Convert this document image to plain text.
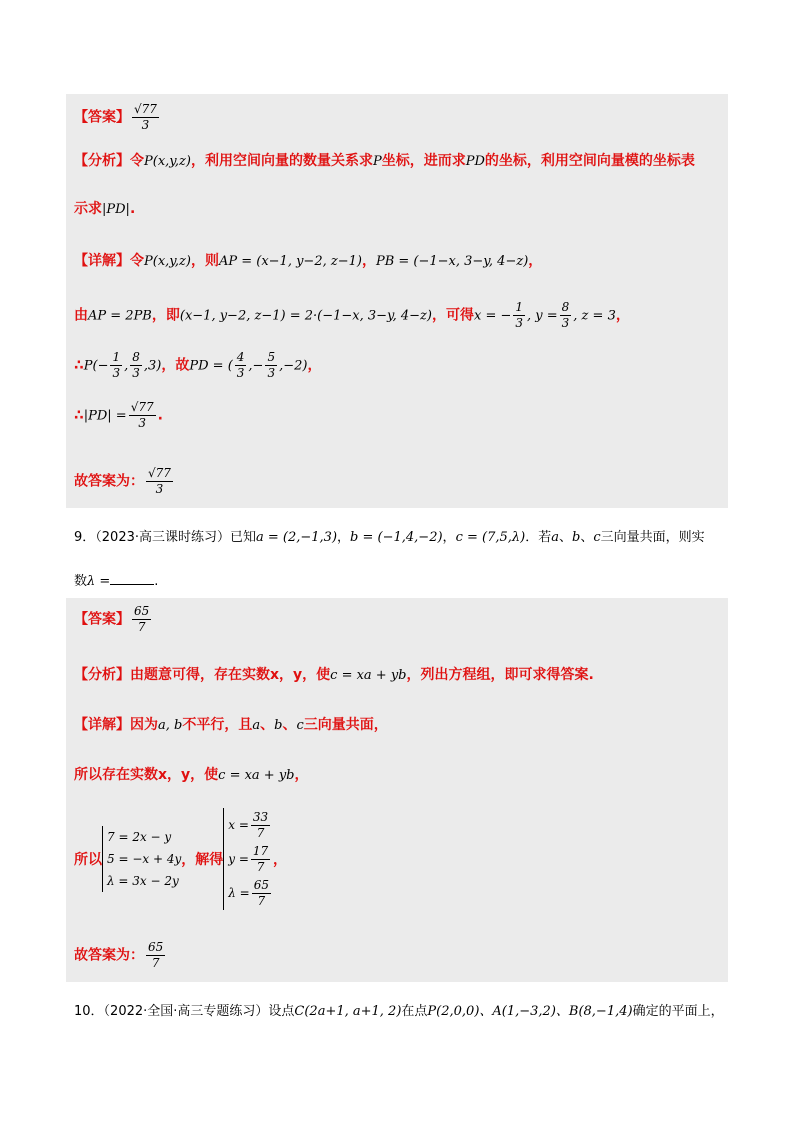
【答案】 $\frac{√77}{3}$
【分析】令P(x,y,z)，利用空间向量的数量关系求P坐标，进而求PD的坐标，利用空间向量模的坐标表
示求|PD|.
【详解】令P(x,y,z)，则AP = (x−1, y−2, z−1)，PB = (−1−x, 3−y, 4−z)，
由AP = 2PB，即(x−1, y−2, z−1) = 2·(−1−x, 3−y, 4−z)，可得x = − $\frac{1}{3}$ , $y = \frac{8}{3}$ , z = 3，
∴P(− $\frac{1}{3}$ , $\frac{8}{3} ,3$)，故PD = ( $\frac{4}{3}$ ,− $\frac{5}{3} ,-2$)，
∴|PD| = $\frac{√77}{3}$ .
故答案为： $\frac{√77}{3}$
9．（2023·高三课时练习）已知a = (2,−1,3)，b = (−1,4,−2)，c = (7,5,λ)．若a、b、c三向量共面，则实
数λ =	.
【答案】 $\frac{65}{7}$
【分析】由题意可得，存在实数x，y，使c = xa + yb，列出方程组，即可求得答案.
【详解】因为a, b不平行，且a、b、c三向量共面，
所以存在实数x，y，使c = xa + yb，
所以
7 = 2x − y
5 = −x + 4y
λ = 3x − 2y
，解得
$x = \frac{33}{7}$
$y = \frac{17}{7}$
$\lambda = \frac{65}{7}$
，
故答案为： $\frac{65}{7}$
10．（2022·全国·高三专题练习）设点C(2a+1, a+1, 2)在点P(2,0,0)、A(1,−3,2)、B(8,−1,4)确定的平面上，
